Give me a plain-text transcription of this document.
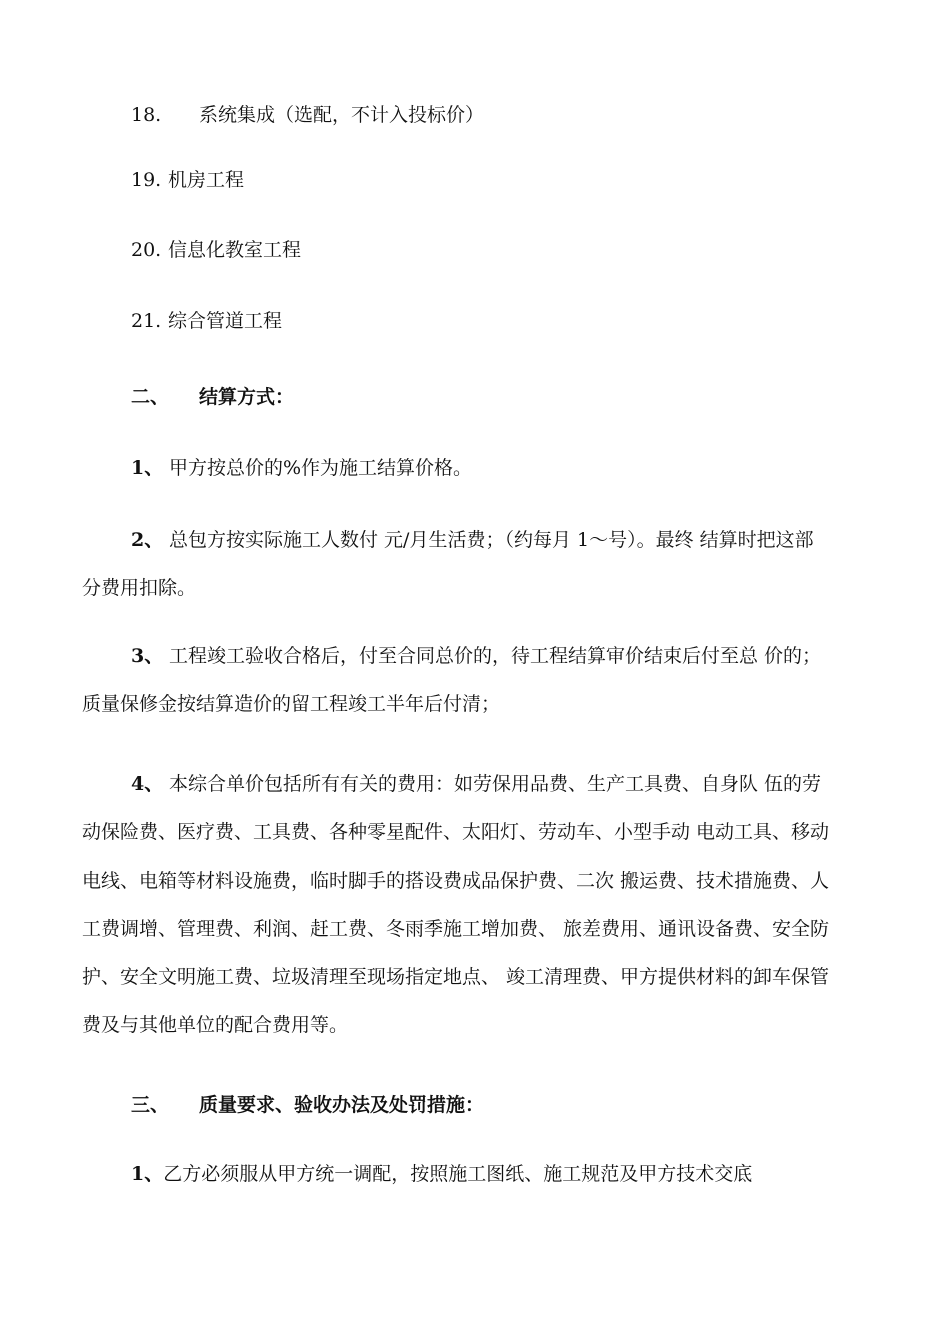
18. 系统集成（选配，不计入投标价）
19. 机房工程
20. 信息化教室工程
21. 综合管道工程
二、 结算方式：
1、 甲方按总价的%作为施工结算价格。

2、 总包方按实际施工人数付 元/月生活费；（约每月 1〜号）。最终 结算时把这部

分费用扣除。

3、 工程竣工验收合格后，付至合同总价的，待工程结算审价结束后付至总 价的；

质量保修金按结算造价的留工程竣工半年后付清；

4、 本综合单价包括所有有关的费用：如劳保用品费、生产工具费、自身队 伍的劳

动保险费、医疗费、工具费、各种零星配件、太阳灯、劳动车、小型手动 电动工具、移动

电线、电箱等材料设施费，临时脚手的搭设费成品保护费、二次 搬运费、技术措施费、人

工费调增、管理费、利润、赶工费、冬雨季施工增加费、 旅差费用、通讯设备费、安全防

护、安全文明施工费、垃圾清理至现场指定地点、 竣工清理费、甲方提供材料的卸车保管

费及与其他单位的配合费用等。

三、 质量要求、验收办法及处罚措施：
1、乙方必须服从甲方统一调配，按照施工图纸、施工规范及甲方技术交底
